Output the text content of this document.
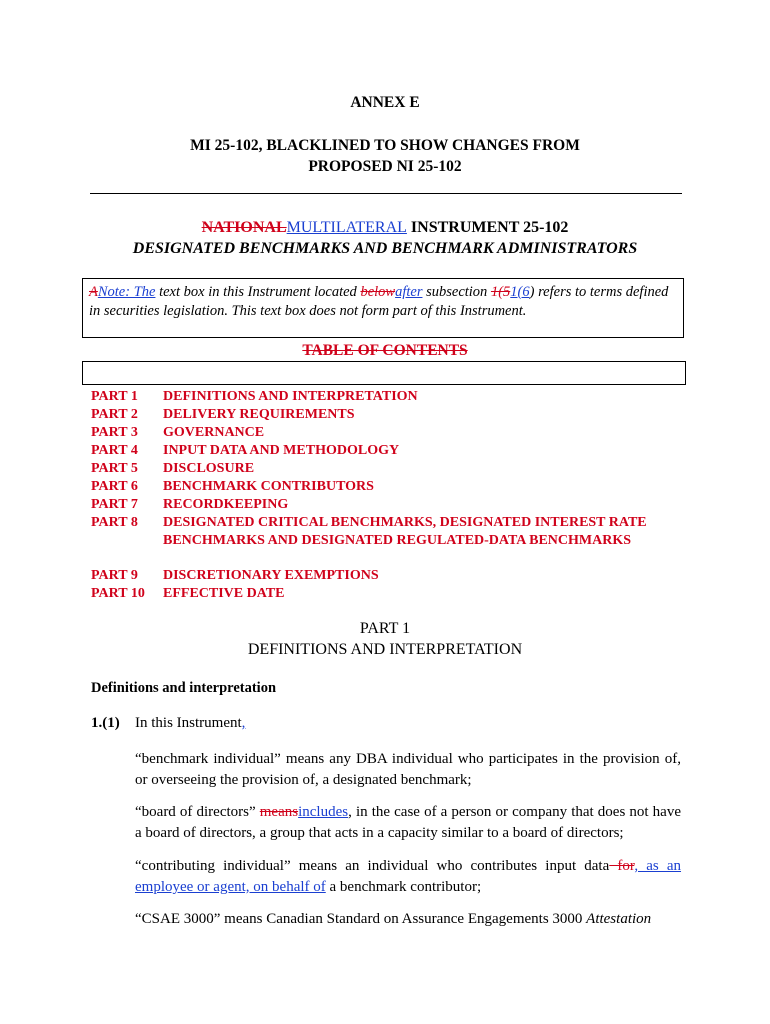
ANNEX E
MI 25-102, BLACKLINED TO SHOW CHANGES FROM
PROPOSED NI 25-102
NATIONALMULTILATERAL INSTRUMENT 25-102
DESIGNATED BENCHMARKS AND BENCHMARK ADMINISTRATORS
ANote: The text box in this Instrument located belowafter subsection 1(51(6) refers to terms defined in securities legislation. This text box does not form part of this Instrument.
TABLE OF CONTENTS
PART 1 DEFINITIONS AND INTERPRETATION
PART 2 DELIVERY REQUIREMENTS
PART 3 GOVERNANCE
PART 4 INPUT DATA AND METHODOLOGY
PART 5 DISCLOSURE
PART 6 BENCHMARK CONTRIBUTORS
PART 7 RECORDKEEPING
PART 8 DESIGNATED CRITICAL BENCHMARKS, DESIGNATED INTEREST RATE BENCHMARKS AND DESIGNATED REGULATED-DATA BENCHMARKS
PART 9 DISCRETIONARY EXEMPTIONS
PART 10 EFFECTIVE DATE
PART 1
DEFINITIONS AND INTERPRETATION
Definitions and interpretation
1.(1) In this Instrument,
“benchmark individual” means any DBA individual who participates in the provision of, or overseeing the provision of, a designated benchmark;
“board of directors” meansincludes, in the case of a person or company that does not have a board of directors, a group that acts in a capacity similar to a board of directors;
“contributing individual” means an individual who contributes input data for, as an employee or agent, on behalf of a benchmark contributor;
“CSAE 3000” means Canadian Standard on Assurance Engagements 3000 Attestation
